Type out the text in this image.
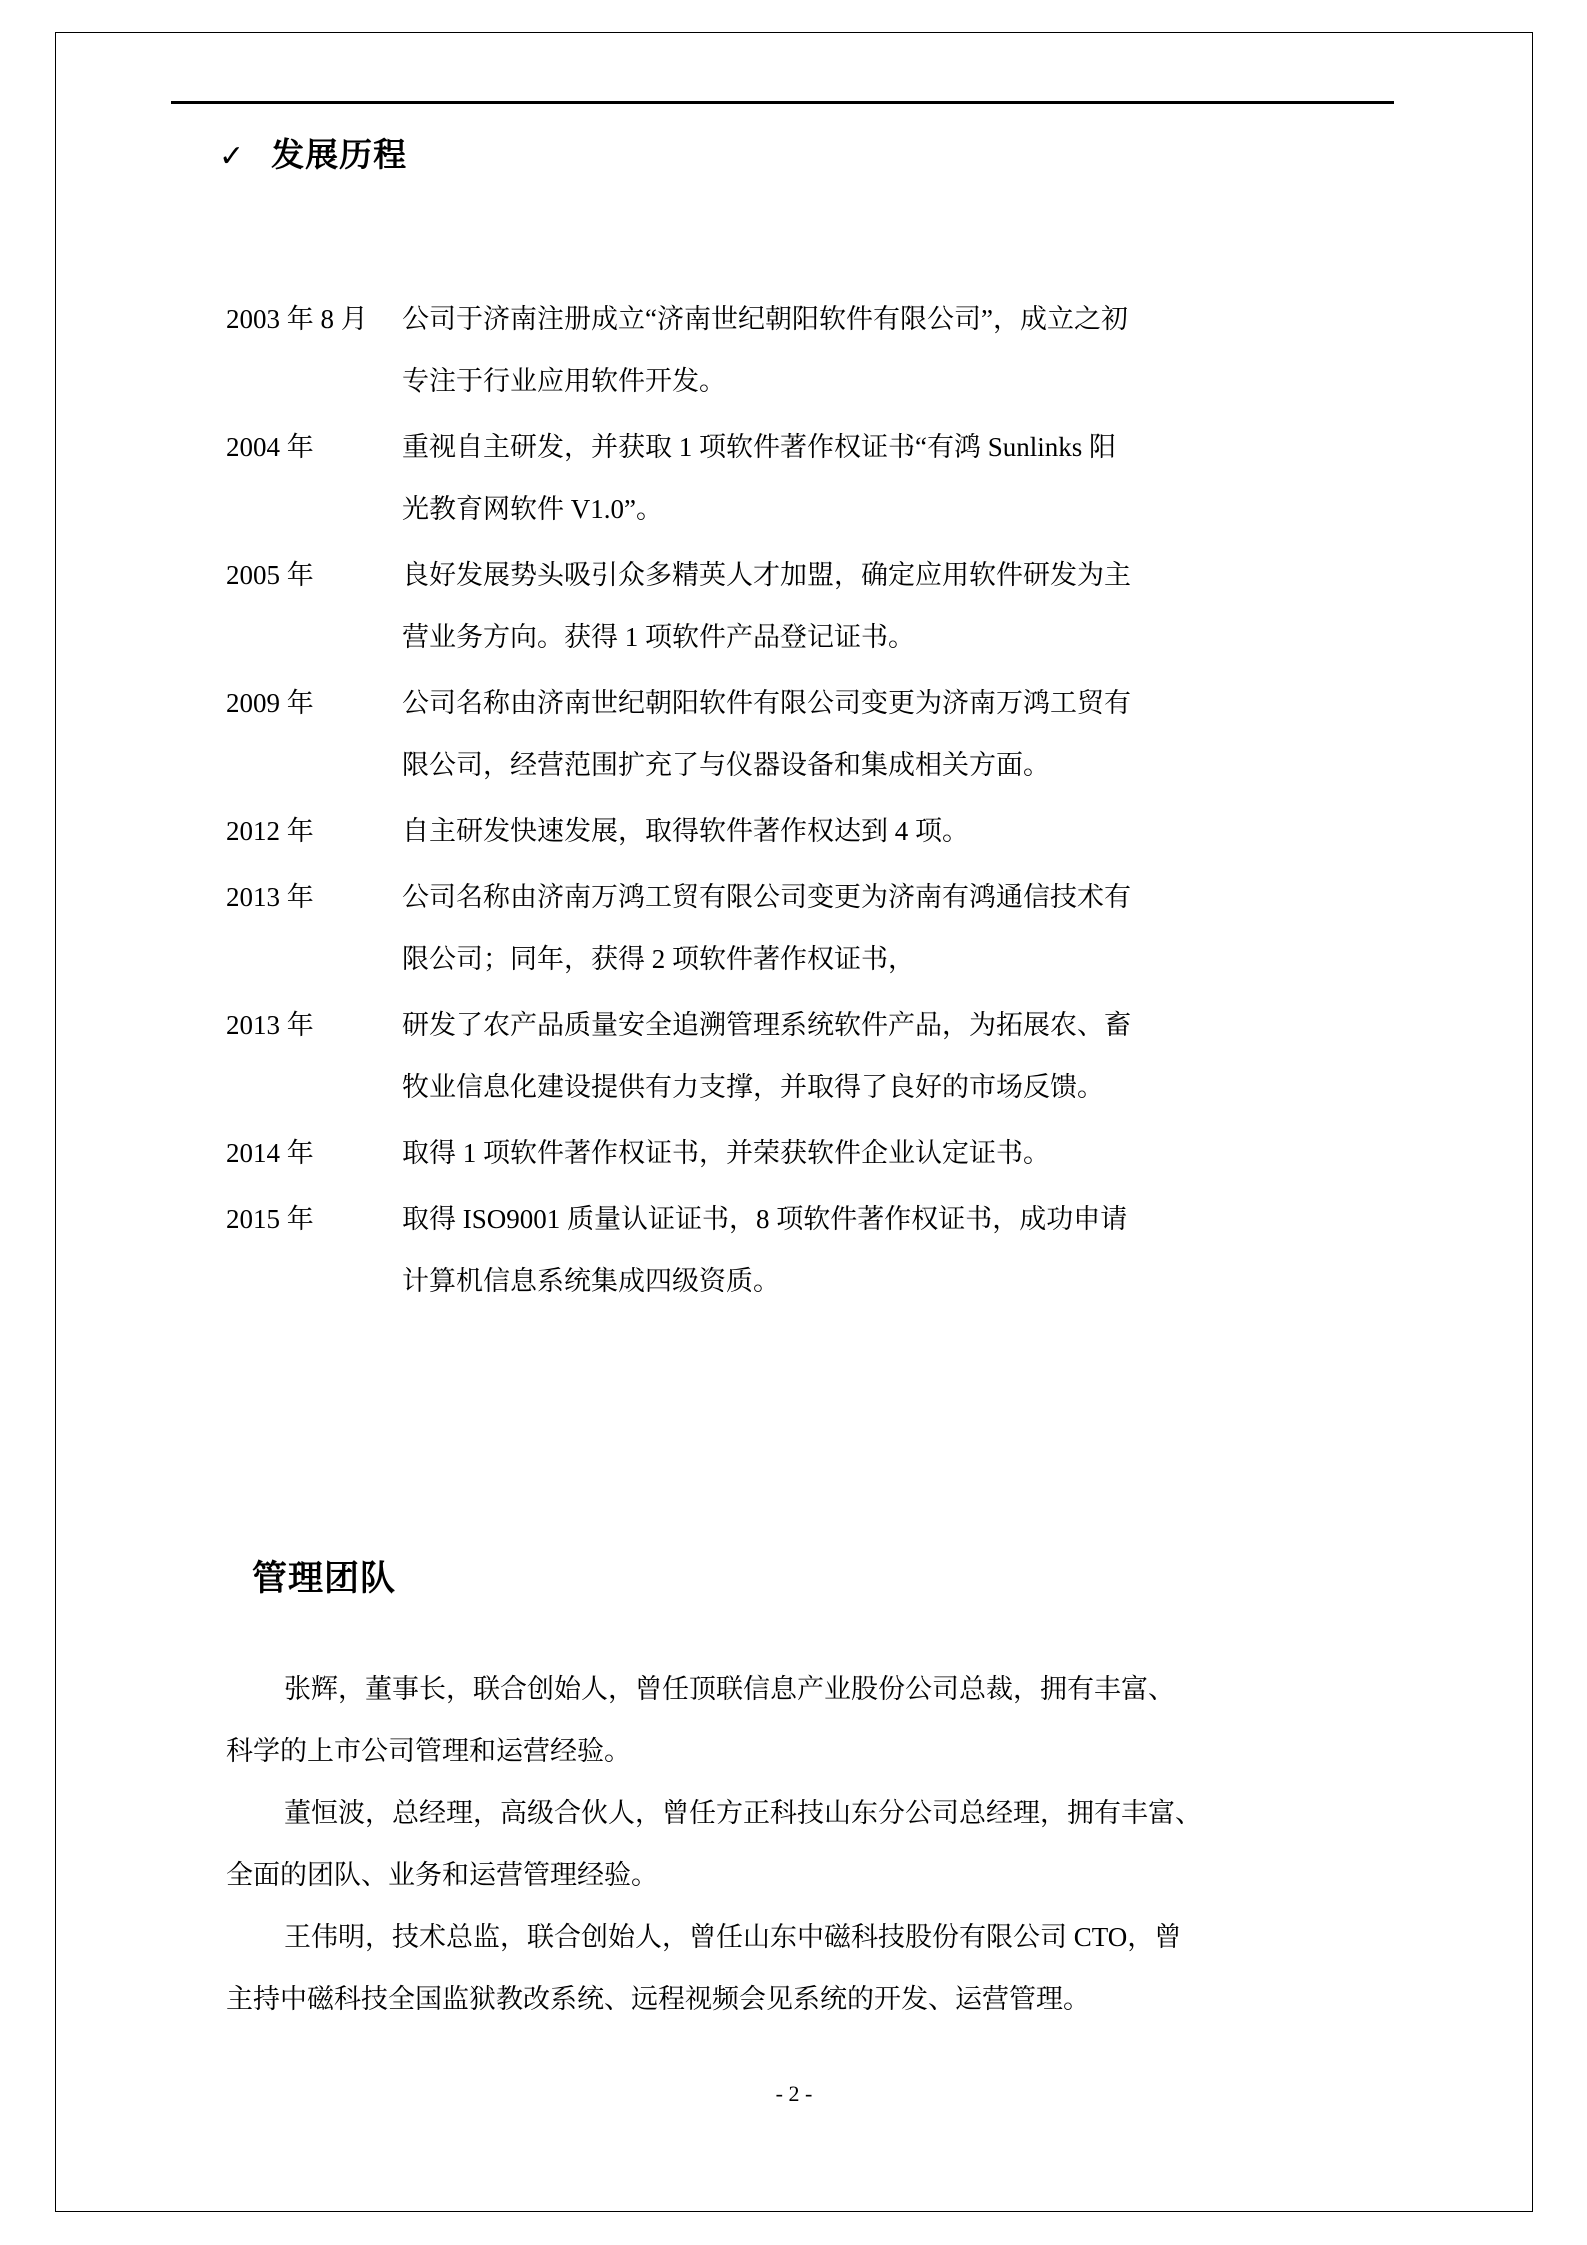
✓ 发展历程
2003 年 8 月	公司于济南注册成立“济南世纪朝阳软件有限公司”，成立之初
专注于行业应用软件开发。
2004 年	重视自主研发，并获取 1 项软件著作权证书“有鸿 Sunlinks 阳
光教育网软件 V1.0”。
2005 年	良好发展势头吸引众多精英人才加盟，确定应用软件研发为主
营业务方向。获得 1 项软件产品登记证书。
2009 年	公司名称由济南世纪朝阳软件有限公司变更为济南万鸿工贸有
限公司，经营范围扩充了与仪器设备和集成相关方面。
2012 年	自主研发快速发展，取得软件著作权达到 4 项。
2013 年	公司名称由济南万鸿工贸有限公司变更为济南有鸿通信技术有
限公司；同年，获得 2 项软件著作权证书，
2013 年	研发了农产品质量安全追溯管理系统软件产品，为拓展农、畜
牧业信息化建设提供有力支撑，并取得了良好的市场反馈。
2014 年	取得 1 项软件著作权证书，并荣获软件企业认定证书。
2015 年	取得 ISO9001 质量认证证书，8 项软件著作权证书，成功申请
计算机信息系统集成四级资质。
管理团队

张辉，董事长，联合创始人，曾任顶联信息产业股份公司总裁，拥有丰富、
科学的上市公司管理和运营经验。

董恒波，总经理，高级合伙人，曾任方正科技山东分公司总经理，拥有丰富、
全面的团队、业务和运营管理经验。

王伟明，技术总监，联合创始人，曾任山东中磁科技股份有限公司 CTO，曾
主持中磁科技全国监狱教改系统、远程视频会见系统的开发、运营管理。

- 2 -
